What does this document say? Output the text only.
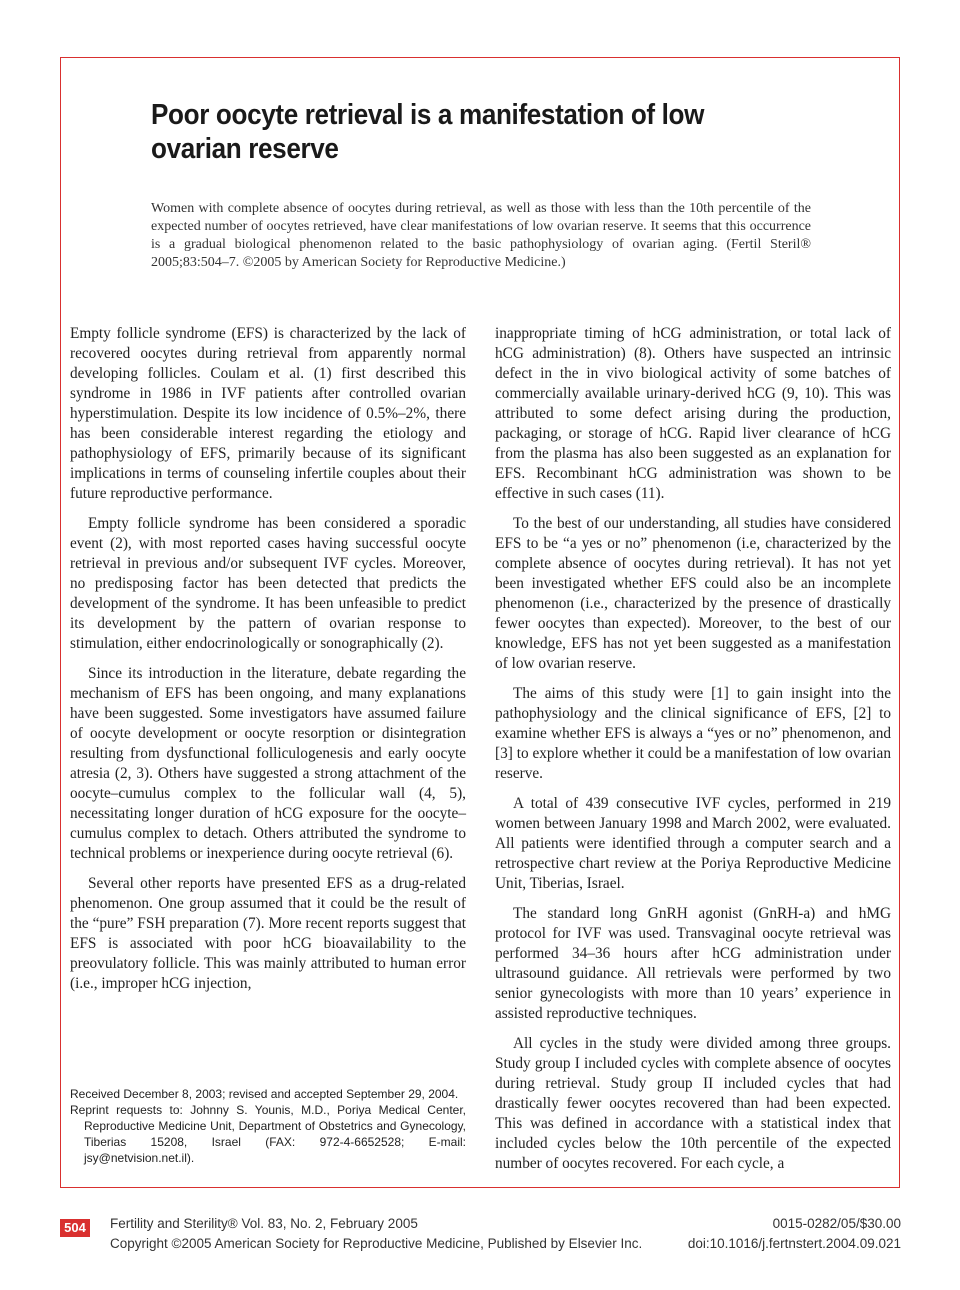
Poor oocyte retrieval is a manifestation of low ovarian reserve

Women with complete absence of oocytes during retrieval, as well as those with less than the 10th percentile of the expected number of oocytes retrieved, have clear manifestations of low ovarian reserve. It seems that this occurrence is a gradual biological phenomenon related to the basic pathophysiology of ovarian aging. (Fertil Steril® 2005;83:504–7. ©2005 by American Society for Reproductive Medicine.)

Empty follicle syndrome (EFS) is characterized by the lack of recovered oocytes during retrieval from apparently normal developing follicles. Coulam et al. (1) first described this syndrome in 1986 in IVF patients after controlled ovarian hyperstimulation. Despite its low incidence of 0.5%–2%, there has been considerable interest regarding the etiology and pathophysiology of EFS, primarily because of its significant implications in terms of counseling infertile couples about their future reproductive performance.

Empty follicle syndrome has been considered a sporadic event (2), with most reported cases having successful oocyte retrieval in previous and/or subsequent IVF cycles. Moreover, no predisposing factor has been detected that predicts the development of the syndrome. It has been unfeasible to predict its development by the pattern of ovarian response to stimulation, either endocrinologically or sonographically (2).

Since its introduction in the literature, debate regarding the mechanism of EFS has been ongoing, and many explanations have been suggested. Some investigators have assumed failure of oocyte development or oocyte resorption or disintegration resulting from dysfunctional folliculogenesis and early oocyte atresia (2, 3). Others have suggested a strong attachment of the oocyte–cumulus complex to the follicular wall (4, 5), necessitating longer duration of hCG exposure for the oocyte–cumulus complex to detach. Others attributed the syndrome to technical problems or inexperience during oocyte retrieval (6).

Several other reports have presented EFS as a drug-related phenomenon. One group assumed that it could be the result of the “pure” FSH preparation (7). More recent reports suggest that EFS is associated with poor hCG bioavailability to the preovulatory follicle. This was mainly attributed to human error (i.e., improper hCG injection,

inappropriate timing of hCG administration, or total lack of hCG administration) (8). Others have suspected an intrinsic defect in the in vivo biological activity of some batches of commercially available urinary-derived hCG (9, 10). This was attributed to some defect arising during the production, packaging, or storage of hCG. Rapid liver clearance of hCG from the plasma has also been suggested as an explanation for EFS. Recombinant hCG administration was shown to be effective in such cases (11).

To the best of our understanding, all studies have considered EFS to be “a yes or no” phenomenon (i.e, characterized by the complete absence of oocytes during retrieval). It has not yet been investigated whether EFS could also be an incomplete phenomenon (i.e., characterized by the presence of drastically fewer oocytes than expected). Moreover, to the best of our knowledge, EFS has not yet been suggested as a manifestation of low ovarian reserve.

The aims of this study were [1] to gain insight into the pathophysiology and the clinical significance of EFS, [2] to examine whether EFS is always a “yes or no” phenomenon, and [3] to explore whether it could be a manifestation of low ovarian reserve.

A total of 439 consecutive IVF cycles, performed in 219 women between January 1998 and March 2002, were evaluated. All patients were identified through a computer search and a retrospective chart review at the Poriya Reproductive Medicine Unit, Tiberias, Israel.

The standard long GnRH agonist (GnRH-a) and hMG protocol for IVF was used. Transvaginal oocyte retrieval was performed 34–36 hours after hCG administration under ultrasound guidance. All retrievals were performed by two senior gynecologists with more than 10 years’ experience in assisted reproductive techniques.

All cycles in the study were divided among three groups. Study group I included cycles with complete absence of oocytes during retrieval. Study group II included cycles that had drastically fewer oocytes recovered than had been expected. This was defined in accordance with a statistical index that included cycles below the 10th percentile of the expected number of oocytes recovered. For each cycle, a

Received December 8, 2003; revised and accepted September 29, 2004.

Reprint requests to: Johnny S. Younis, M.D., Poriya Medical Center, Reproductive Medicine Unit, Department of Obstetrics and Gynecology, Tiberias 15208, Israel (FAX: 972-4-6652528; E-mail: jsy@netvision.net.il).

504	Fertility and Sterility® Vol. 83, No. 2, February 2005
Copyright ©2005 American Society for Reproductive Medicine, Published by Elsevier Inc.
0015-0282/05/$30.00
doi:10.1016/j.fertnstert.2004.09.021
